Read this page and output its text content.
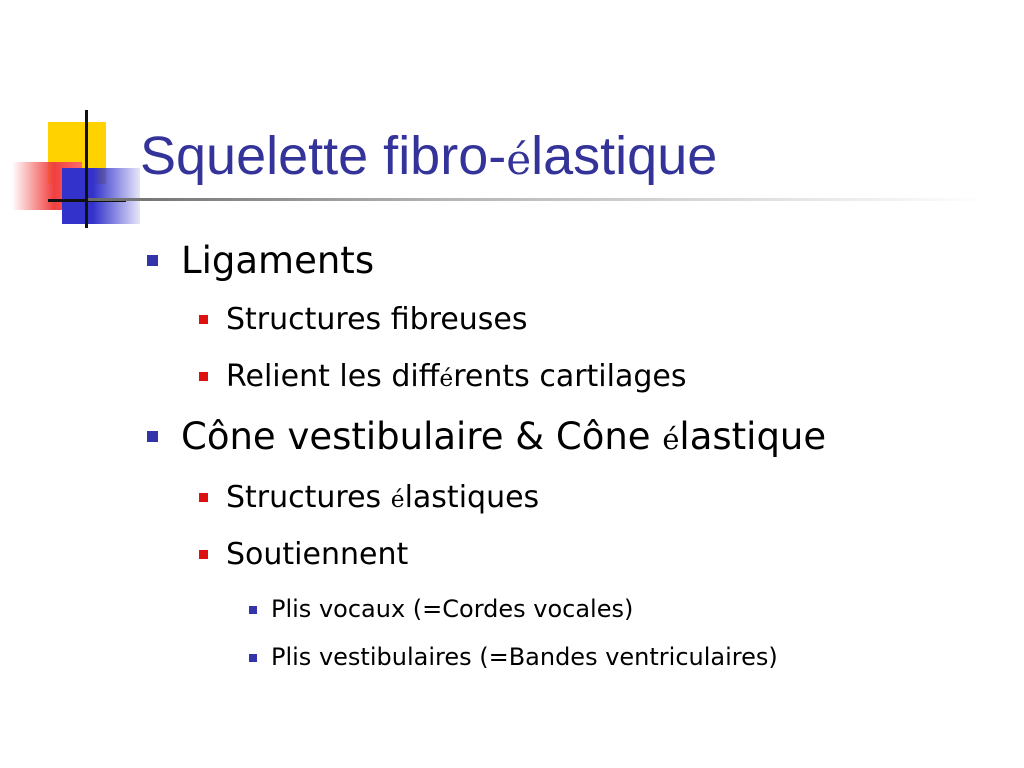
Squelette fibro-élastique
Ligaments
Structures fibreuses
Relient les différents cartilages
Cône vestibulaire & Cône élastique
Structures élastiques
Soutiennent
Plis vocaux (=Cordes vocales)
Plis vestibulaires (=Bandes ventriculaires)
